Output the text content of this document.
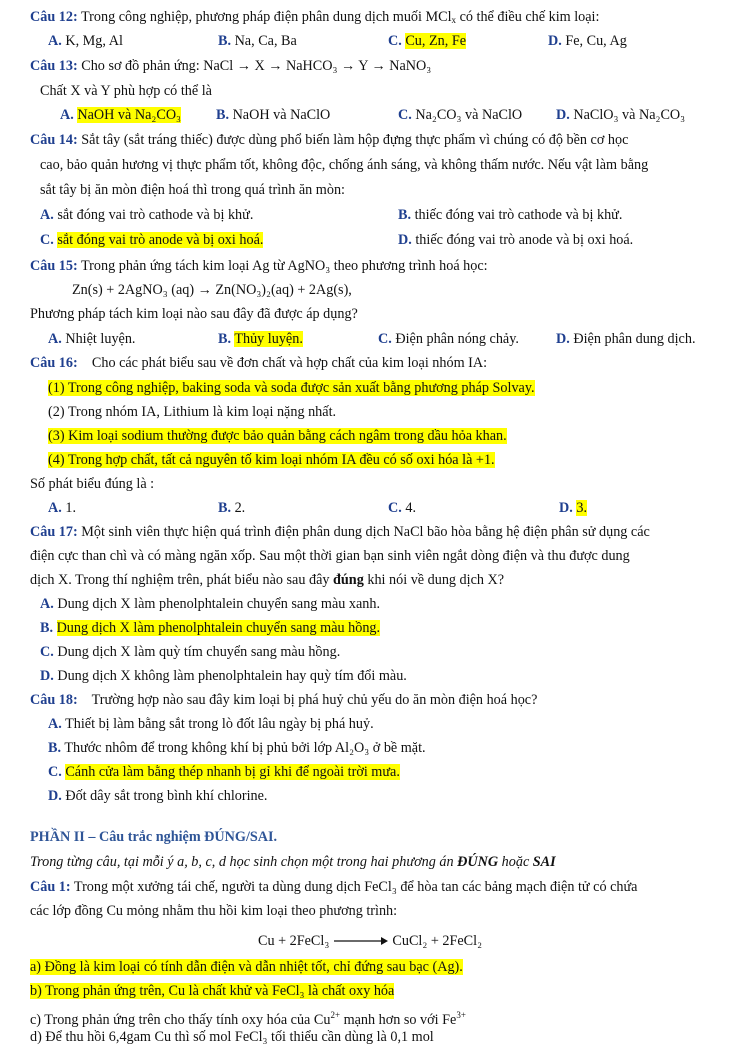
Câu 12: Trong công nghiệp, phương pháp điện phân dung dịch muối MCl$_x$ có thể điều chế kim loại:
A. K, Mg, Al	B. Na, Ca, Ba	C. Cu, Zn, Fe	D. Fe, Cu, Ag
Câu 13: Cho sơ đồ phản ứng: NaCl → X → NaHCO₃ → Y → NaNO₃
Chất X và Y phù hợp có thể là
A. NaOH và Na₂CO₃ B. NaOH và NaClO	C. Na₂CO₃ và NaClO D. NaClO₃ và Na₂CO₃
Câu 14: Sắt tây (sắt tráng thiếc) được dùng phổ biến làm hộp đựng thực phẩm vì chúng có độ bền cơ học
cao, bảo quản hương vị thực phẩm tốt, không độc, chống ánh sáng, và không thấm nước. Nếu vật làm bằng
sắt tây bị ăn mòn điện hoá thì trong quá trình ăn mòn:
A. sắt đóng vai trò cathode và bị khử.	B. thiếc đóng vai trò cathode và bị khử.
C. sắt đóng vai trò anode và bị oxi hoá.	D. thiếc đóng vai trò anode và bị oxi hoá.
Câu 15: Trong phản ứng tách kim loại Ag từ AgNO₃ theo phương trình hoá học:
Zn(s) + 2AgNO₃ (aq) → Zn(NO₃)₂(aq) + 2Ag(s),
Phương pháp tách kim loại nào sau đây đã được áp dụng?
A. Nhiệt luyện.	B. Thủy luyện.	C. Điện phân nóng chảy.	D. Điện phân dung dịch.
Câu 16: Cho các phát biểu sau về đơn chất và hợp chất của kim loại nhóm IA:
(1) Trong công nghiệp, baking soda và soda được sản xuất bằng phương pháp Solvay.
(2) Trong nhóm IA, Lithium là kim loại nặng nhất.
(3) Kim loại sodium thường được bảo quản bằng cách ngâm trong dầu hỏa khan.
(4) Trong hợp chất, tất cả nguyên tố kim loại nhóm IA đều có số oxi hóa là +1.
Số phát biểu đúng là :
A. 1.	B. 2.	C. 4.	D. 3.
Câu 17: Một sinh viên thực hiện quá trình điện phân dung dịch NaCl bão hòa bằng hệ điện phân sử dụng các
điện cực than chì và có màng ngăn xốp. Sau một thời gian bạn sinh viên ngắt dòng điện và thu được dung
dịch X. Trong thí nghiệm trên, phát biểu nào sau đây đúng khi nói về dung dịch X?
A. Dung dịch X làm phenolphtalein chuyển sang màu xanh.
B. Dung dịch X làm phenolphtalein chuyển sang màu hồng.
C. Dung dịch X làm quỳ tím chuyển sang màu hồng.
D. Dung dịch X không làm phenolphtalein hay quỳ tím đổi màu.
Câu 18: Trường hợp nào sau đây kim loại bị phá huỷ chủ yếu do ăn mòn điện hoá học?
A. Thiết bị làm bằng sắt trong lò đốt lâu ngày bị phá huỷ.
B. Thước nhôm để trong không khí bị phủ bởi lớp Al₂O₃ ở bề mặt.
C. Cánh cửa làm bằng thép nhanh bị gỉ khi để ngoài trời mưa.
D. Đốt dây sắt trong bình khí chlorine.
PHẦN II – Câu trắc nghiệm ĐÚNG/SAI.
Trong từng câu, tại mỗi ý a, b, c, d học sinh chọn một trong hai phương án ĐÚNG hoặc SAI
Câu 1: Trong một xưởng tái chế, người ta dùng dung dịch FeCl₃ để hòa tan các bảng mạch điện tử có chứa
các lớp đồng Cu mỏng nhằm thu hồi kim loại theo phương trình:
Cu + 2FeCl₃	CuCl₂ + 2FeCl₂
a) Đồng là kim loại có tính dẫn điện và dẫn nhiệt tốt, chỉ đứng sau bạc (Ag).
b) Trong phản ứng trên, Cu là chất khử và FeCl₃ là chất oxy hóa
c) Trong phản ứng trên cho thấy tính oxy hóa của $Cu^{2+}$ mạnh hơn so với $Fe^{3+}$
d) Để thu hồi 6,4gam Cu thì số mol FeCl₃ tối thiểu cần dùng là 0,1 mol
